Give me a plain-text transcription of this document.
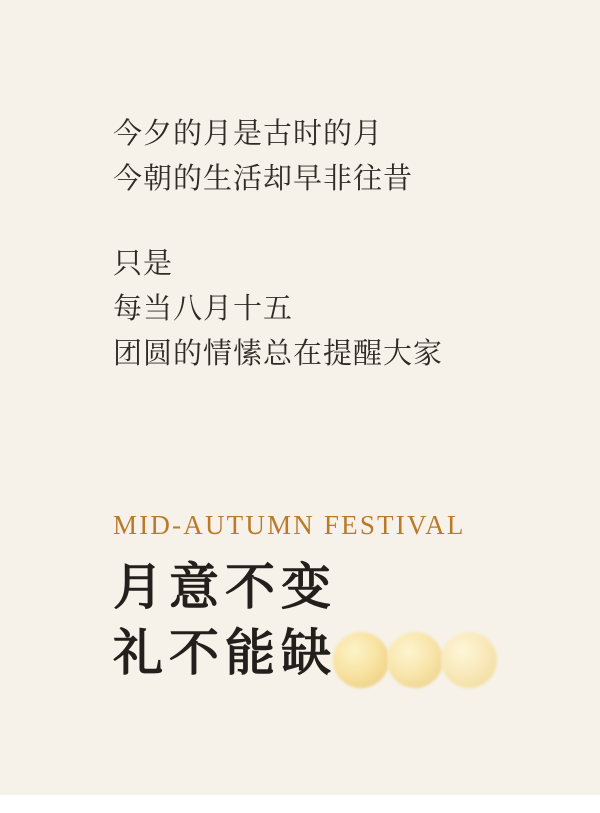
今夕的月是古时的月
今朝的生活却早非往昔
只是
每当八月十五
团圆的情愫总在提醒大家
MID-AUTUMN FESTIVAL
月意不变
礼不能缺
